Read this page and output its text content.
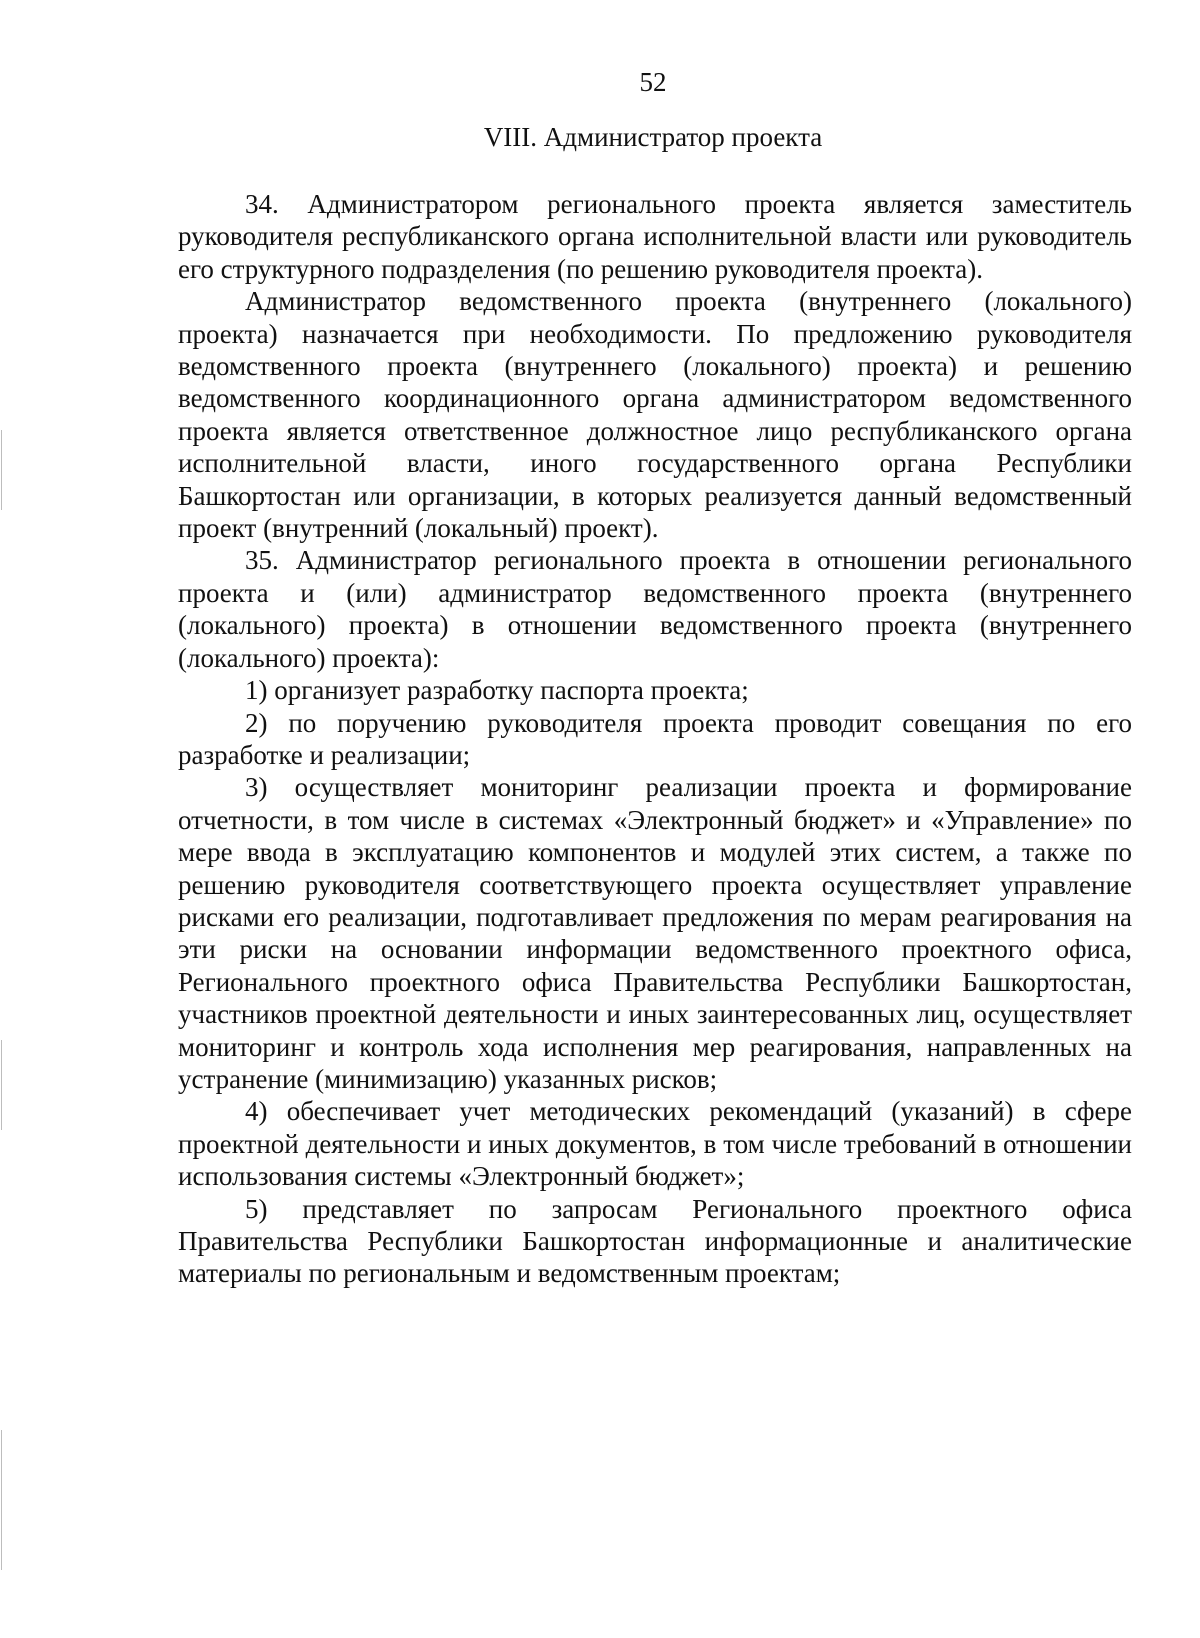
52
VIII. Администратор проекта

34. Администратором регионального проекта является заместитель руководителя республиканского органа исполнительной власти или руководитель его структурного подразделения (по решению руководителя проекта).

Администратор ведомственного проекта (внутреннего (локального) проекта) назначается при необходимости. По предложению руководителя ведомственного проекта (внутреннего (локального) проекта) и решению ведомственного координационного органа администратором ведомственного проекта является ответственное должностное лицо республиканского органа исполнительной власти, иного государственного органа Республики Башкортостан или организации, в которых реализуется данный ведомственный проект (внутренний (локальный) проект).

35. Администратор регионального проекта в отношении регионального проекта и (или) администратор ведомственного проекта (внутреннего (локального) проекта) в отношении ведомственного проекта (внутреннего (локального) проекта):

1) организует разработку паспорта проекта;

2) по поручению руководителя проекта проводит совещания по его разработке и реализации;

3) осуществляет мониторинг реализации проекта и формирование отчетности, в том числе в системах «Электронный бюджет» и «Управление» по мере ввода в эксплуатацию компонентов и модулей этих систем, а также по решению руководителя соответствующего проекта осуществляет управление рисками его реализации, подготавливает предложения по мерам реагирования на эти риски на основании информации ведомственного проектного офиса, Регионального проектного офиса Правительства Республики Башкортостан, участников проектной деятельности и иных заинтересованных лиц, осуществляет мониторинг и контроль хода исполнения мер реагирования, направленных на устранение (минимизацию) указанных рисков;

4) обеспечивает учет методических рекомендаций (указаний) в сфере проектной деятельности и иных документов, в том числе требований в отношении использования системы «Электронный бюджет»;

5) представляет по запросам Регионального проектного офиса Правительства Республики Башкортостан информационные и аналитические материалы по региональным и ведомственным проектам;
